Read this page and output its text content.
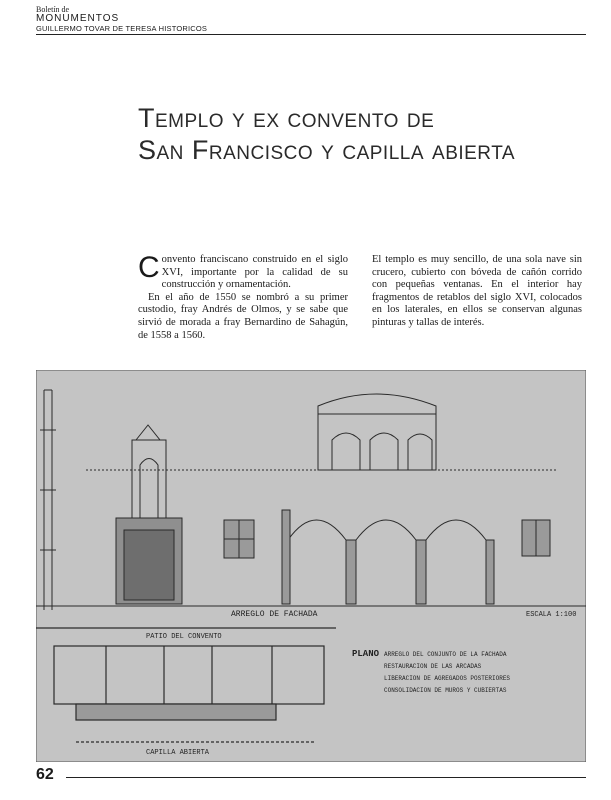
Boletín de
MONUMENTOS
GUILLERMO TOVAR DE TERESA HISTORICOS
Templo y ex convento de
San Francisco y capilla abierta

Convento franciscano construido en el siglo XVI, importante por la calidad de su construcción y ornamentación.

En el año de 1550 se nombró a su primer custodio, fray Andrés de Olmos, y se sabe que sirvió de morada a fray Bernardino de Sahagún, de 1558 a 1560.

El templo es muy sencillo, de una sola nave sin crucero, cubierto con bóveda de cañón corrido con pequeñas ventanas. En el interior hay fragmentos de retablos del siglo XVI, colocados en los laterales, en ellos se conservan algunas pinturas y tallas de interés.

ARREGLO DE FACHADA	ESCALA 1:100
PATIO DEL CONVENTO
PLANO ARREGLO DEL CONJUNTO DE LA FACHADA
RESTAURACION DE LAS ARCADAS
LIBERACION DE AGREGADOS POSTERIORES
CONSOLIDACION DE MUROS Y CUBIERTAS
CAPILLA ABIERTA
62
